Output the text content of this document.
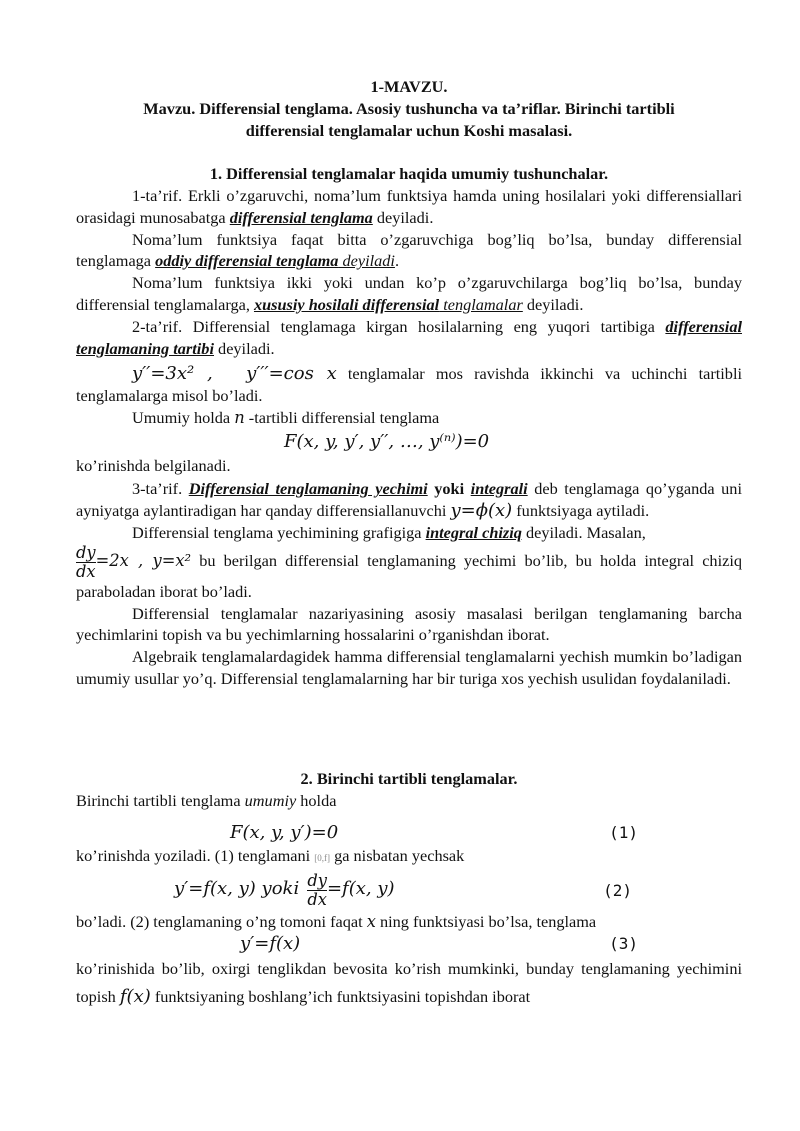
1-MAVZU.
Mavzu. Differensial tenglama. Asosiy tushuncha va ta’riflar. Birinchi tartibli
differensial tenglamalar uchun Koshi masalasi.
1. Differensial tenglamalar haqida umumiy tushunchalar.

1-ta’rif. Erkli o’zgaruvchi, noma’lum funktsiya hamda uning hosilalari yoki differensiallari orasidagi munosabatga differensial tenglama deyiladi.

Noma’lum funktsiya faqat bitta o’zgaruvchiga bog’liq bo’lsa, bunday differensial tenglamaga oddiy differensial tenglama deyiladi.

Noma’lum funktsiya ikki yoki undan ko’p o’zgaruvchilarga bog’liq bo’lsa, bunday differensial tenglamalarga, xususiy hosilali differensial tenglamalar deyiladi.

2-ta’rif. Differensial tenglamaga kirgan hosilalarning eng yuqori tartibiga differensial tenglamaning tartibi deyiladi.

y′′=3x² , y′′′=cos x tenglamalar mos ravishda ikkinchi va uchinchi tartibli tenglamalarga misol bo’ladi.

Umumiy holda n -tartibli differensial tenglama

F(x, y, y′, y′′, …, y⁽ⁿ⁾)=0

ko’rinishda belgilanadi.

3-ta’rif. Differensial tenglamaning yechimi yoki integrali deb tenglamaga qo’yganda uni ayniyatga aylantiradigan har qanday differensiallanuvchi y=ϕ(x) funktsiyaga aytiladi.

Differensial tenglama yechimining grafigiga integral chiziq deyiladi. Masalan,

$\frac{dy}{dx} =2x$ , y=x² bu berilgan differensial tenglamaning yechimi bo’lib, bu holda integral chiziq paraboladan iborat bo’ladi.

Differensial tenglamalar nazariyasining asosiy masalasi berilgan tenglamaning barcha yechimlarini topish va bu yechimlarning hossalarini o’rganishdan iborat.

Algebraik tenglamalardagidek hamma differensial tenglamalarni yechish mumkin bo’ladigan umumiy usullar yo’q. Differensial tenglamalarning har bir turiga xos yechish usulidan foydalaniladi.

2. Birinchi tartibli tenglamalar.

Birinchi tartibli tenglama umumiy holda

F(x, y, y′)=0	(1)

ko’rinishda yoziladi. (1) tenglamani [0,f] ga nisbatan yechsak

y′=f(x, y) yoki $\frac{dy}{dx} =f(x$, y)	(2)

bo’ladi. (2) tenglamaning o’ng tomoni faqat x ning funktsiyasi bo’lsa, tenglama

y′=f(x)	(3)

ko’rinishida bo’lib, oxirgi tenglikdan bevosita ko’rish mumkinki, bunday tenglamaning yechimini topish f(x) funktsiyaning boshlang’ich funktsiyasini topishdan iborat
